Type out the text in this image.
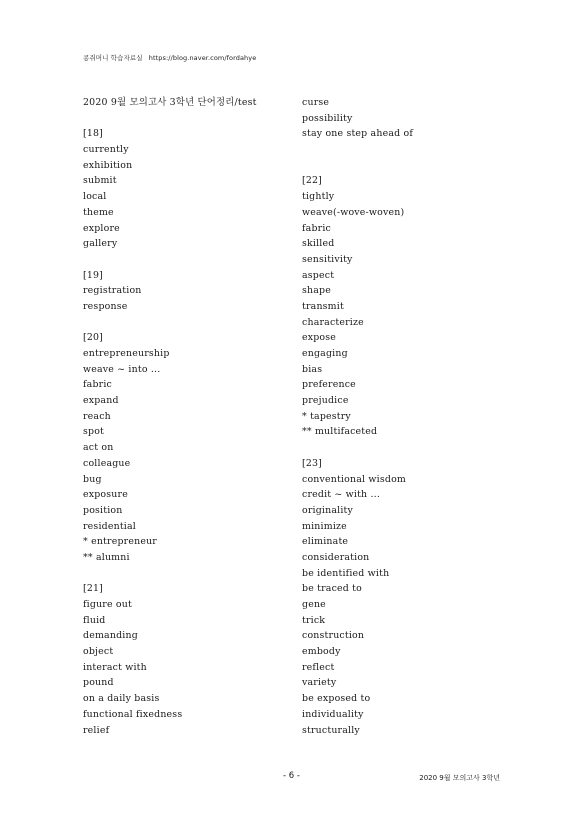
콩쥐머니 학습자료실 https://blog.naver.com/fordahye
2020 9월 모의고사 3학년 단어정리/test
[18]
currently
exhibition
submit
local
theme
explore
gallery
[19]
registration
response
[20]
entrepreneurship
weave ~ into ...
fabric
expand
reach
spot
act on
colleague
bug
exposure
position
residential
* entrepreneur
** alumni
[21]
figure out
fluid
demanding
object
interact with
pound
on a daily basis
functional fixedness
relief
curse
possibility
stay one step ahead of
[22]
tightly
weave(-wove-woven)
fabric
skilled
sensitivity
aspect
shape
transmit
characterize
expose
engaging
bias
preference
prejudice
* tapestry
** multifaceted
[23]
conventional wisdom
credit ~ with ...
originality
minimize
eliminate
consideration
be identified with
be traced to
gene
trick
construction
embody
reflect
variety
be exposed to
individuality
structurally
- 6 -	2020 9월 모의고사 3학년
